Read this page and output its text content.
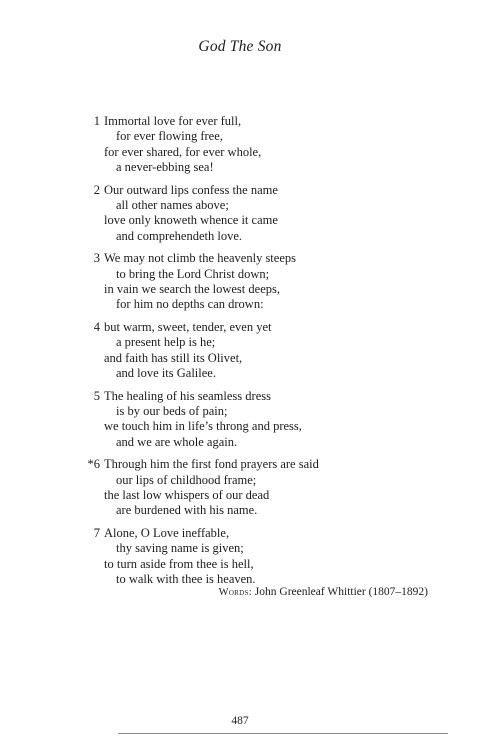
God The Son
1 Immortal love for ever full,
for ever flowing free,
for ever shared, for ever whole,
a never-ebbing sea!
2 Our outward lips confess the name
all other names above;
love only knoweth whence it came
and comprehendeth love.
3 We may not climb the heavenly steeps
to bring the Lord Christ down;
in vain we search the lowest deeps,
for him no depths can drown:
4 but warm, sweet, tender, even yet
a present help is he;
and faith has still its Olivet,
and love its Galilee.
5 The healing of his seamless dress
is by our beds of pain;
we touch him in life’s throng and press,
and we are whole again.
*6 Through him the first fond prayers are said
our lips of childhood frame;
the last low whispers of our dead
are burdened with his name.
7 Alone, O Love ineffable,
thy saving name is given;
to turn aside from thee is hell,
to walk with thee is heaven.
Words: John Greenleaf Whittier (1807–1892)
487
